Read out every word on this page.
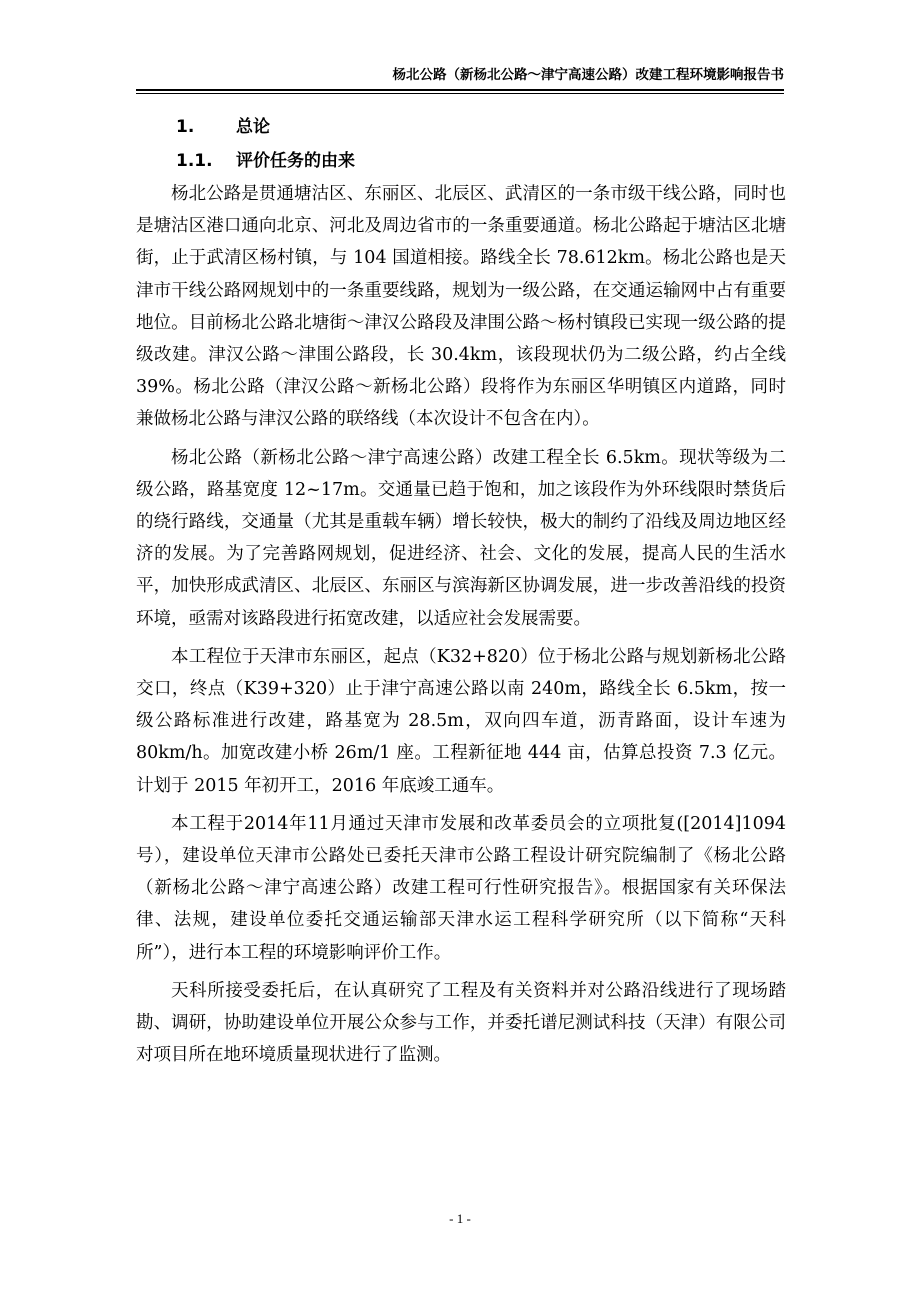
杨北公路（新杨北公路～津宁高速公路）改建工程环境影响报告书
1. 总论
1.1. 评价任务的由来

杨北公路是贯通塘沽区、东丽区、北辰区、武清区的一条市级干线公路，同时也是塘沽区港口通向北京、河北及周边省市的一条重要通道。杨北公路起于塘沽区北塘街，止于武清区杨村镇，与 104 国道相接。路线全长 78.612km。杨北公路也是天津市干线公路网规划中的一条重要线路，规划为一级公路，在交通运输网中占有重要地位。目前杨北公路北塘街～津汉公路段及津围公路～杨村镇段已实现一级公路的提级改建。津汉公路～津围公路段，长 30.4km，该段现状仍为二级公路，约占全线 39%。杨北公路（津汉公路～新杨北公路）段将作为东丽区华明镇区内道路，同时兼做杨北公路与津汉公路的联络线（本次设计不包含在内）。

杨北公路（新杨北公路～津宁高速公路）改建工程全长 6.5km。现状等级为二级公路，路基宽度 12~17m。交通量已趋于饱和，加之该段作为外环线限时禁货后的绕行路线，交通量（尤其是重载车辆）增长较快，极大的制约了沿线及周边地区经济的发展。为了完善路网规划，促进经济、社会、文化的发展，提高人民的生活水平，加快形成武清区、北辰区、东丽区与滨海新区协调发展，进一步改善沿线的投资环境，亟需对该路段进行拓宽改建，以适应社会发展需要。

本工程位于天津市东丽区，起点（K32+820）位于杨北公路与规划新杨北公路交口，终点（K39+320）止于津宁高速公路以南 240m，路线全长 6.5km，按一级公路标准进行改建，路基宽为 28.5m，双向四车道，沥青路面，设计车速为 80km/h。加宽改建小桥 26m/1 座。工程新征地 444 亩，估算总投资 7.3 亿元。计划于 2015 年初开工，2016 年底竣工通车。

本工程于2014年11月通过天津市发展和改革委员会的立项批复([2014]1094号），建设单位天津市公路处已委托天津市公路工程设计研究院编制了《杨北公路（新杨北公路～津宁高速公路）改建工程可行性研究报告》。根据国家有关环保法律、法规，建设单位委托交通运输部天津水运工程科学研究所（以下简称“天科所”），进行本工程的环境影响评价工作。

天科所接受委托后，在认真研究了工程及有关资料并对公路沿线进行了现场踏勘、调研，协助建设单位开展公众参与工作，并委托谱尼测试科技（天津）有限公司对项目所在地环境质量现状进行了监测。

- 1 -
